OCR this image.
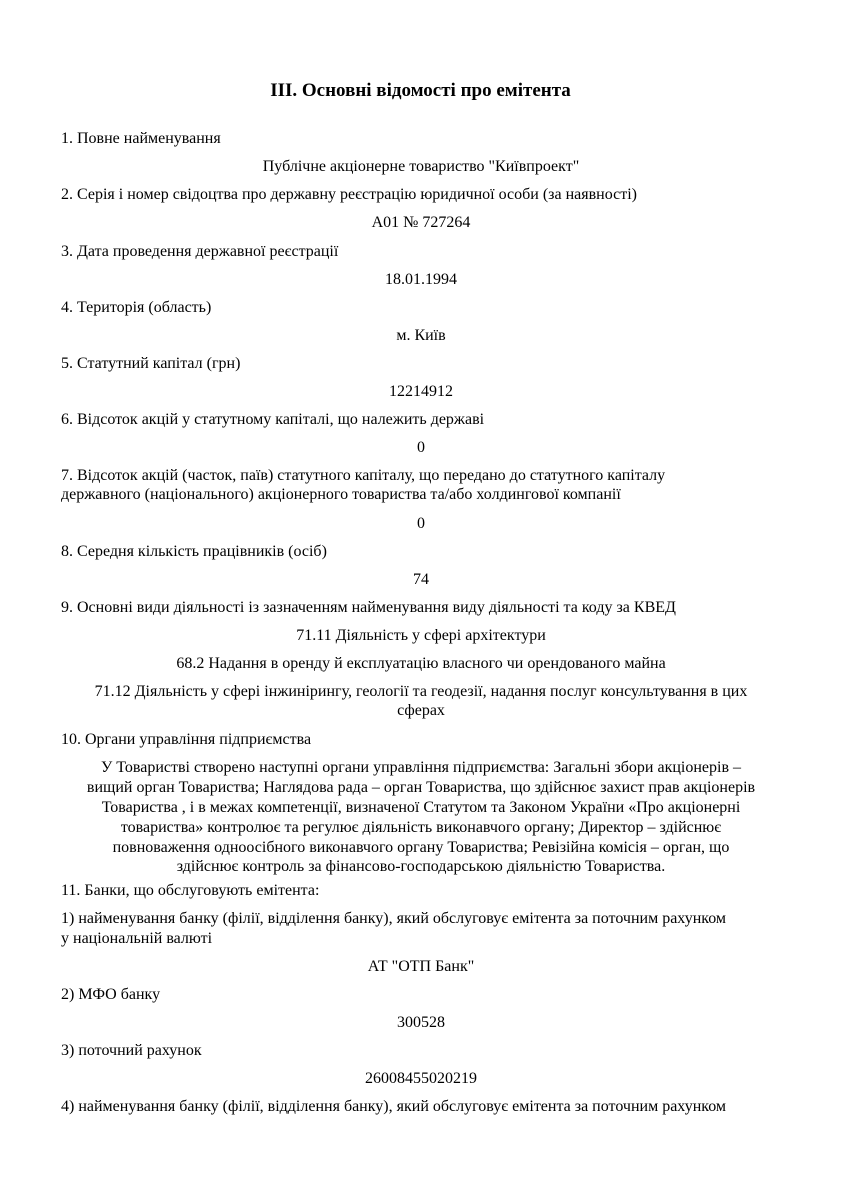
ІІІ. Основні відомості про емітента
1. Повне найменування
Публічне акціонерне товариство "Київпроект"
2. Серія і номер свідоцтва про державну реєстрацію юридичної особи (за наявності)
А01 № 727264
3. Дата проведення державної реєстрації
18.01.1994
4. Територія (область)
м. Київ
5. Статутний капітал (грн)
12214912
6. Відсоток акцій у статутному капіталі, що належить державі
0
7. Відсоток акцій (часток, паїв) статутного капіталу, що передано до статутного капіталу
державного (національного) акціонерного товариства та/або холдингової компанії
0
8. Середня кількість працівників (осіб)
74
9. Основні види діяльності із зазначенням найменування виду діяльності та коду за КВЕД
71.11 Діяльність у сфері архітектури
68.2 Надання в оренду й експлуатацію власного чи орендованого майна
71.12 Діяльність у сфері інжинірингу, геології та геодезії, надання послуг консультування в цих
сферах
10. Органи управління підприємства
У Товаристві створено наступні органи управління підприємства: Загальні збори акціонерів –
вищий орган Товариства; Наглядова рада – орган Товариства, що здійснює захист прав акціонерів
Товариства , і в межах компетенції, визначеної Статутом та Законом України «Про акціонерні
товариства» контролює та регулює діяльність виконавчого органу; Директор – здійснює
повноваження одноосібного виконавчого органу Товариства; Ревізійна комісія – орган, що
здійснює контроль за фінансово-господарською діяльністю Товариства.
11. Банки, що обслуговують емітента:
1) найменування банку (філії, відділення банку), який обслуговує емітента за поточним рахунком
у національній валюті
АТ "ОТП Банк"
2) МФО банку
300528
3) поточний рахунок
26008455020219
4) найменування банку (філії, відділення банку), який обслуговує емітента за поточним рахунком
